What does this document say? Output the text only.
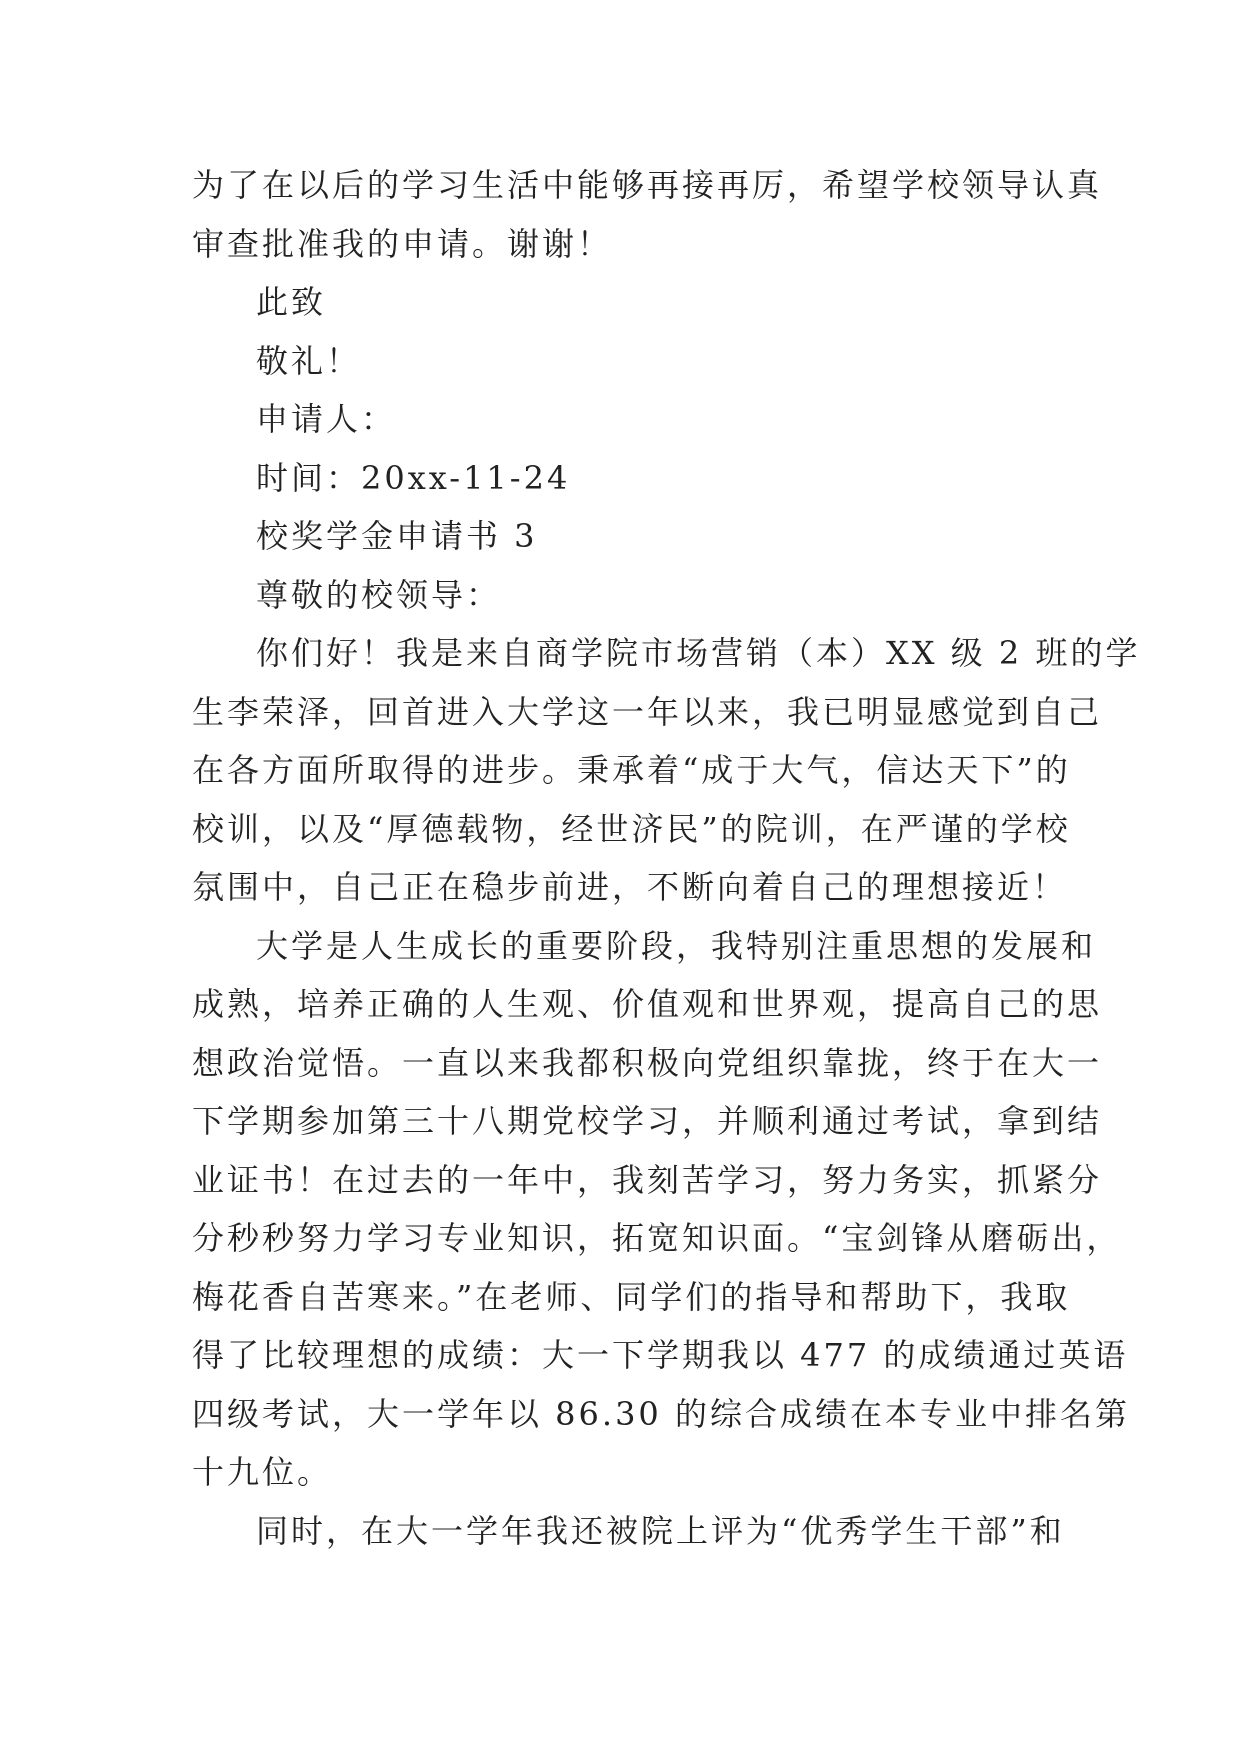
为了在以后的学习生活中能够再接再厉，希望学校领导认真

审查批准我的申请。谢谢！

此致

敬礼！

申请人：

时间：20xx-11-24

校奖学金申请书 3

尊敬的校领导：

你们好！我是来自商学院市场营销（本）XX 级 2 班的学

生李荣泽，回首进入大学这一年以来，我已明显感觉到自己

在各方面所取得的进步。秉承着“成于大气，信达天下”的

校训，以及“厚德载物，经世济民”的院训，在严谨的学校

氛围中，自己正在稳步前进，不断向着自己的理想接近！

大学是人生成长的重要阶段，我特别注重思想的发展和

成熟，培养正确的人生观、价值观和世界观，提高自己的思

想政治觉悟。一直以来我都积极向党组织靠拢，终于在大一

下学期参加第三十八期党校学习，并顺利通过考试，拿到结

业证书！在过去的一年中，我刻苦学习，努力务实，抓紧分

分秒秒努力学习专业知识，拓宽知识面。“宝剑锋从磨砺出，

梅花香自苦寒来。”在老师、同学们的指导和帮助下，我取

得了比较理想的成绩：大一下学期我以 477 的成绩通过英语

四级考试，大一学年以 86.30 的综合成绩在本专业中排名第

十九位。

同时，在大一学年我还被院上评为“优秀学生干部”和
